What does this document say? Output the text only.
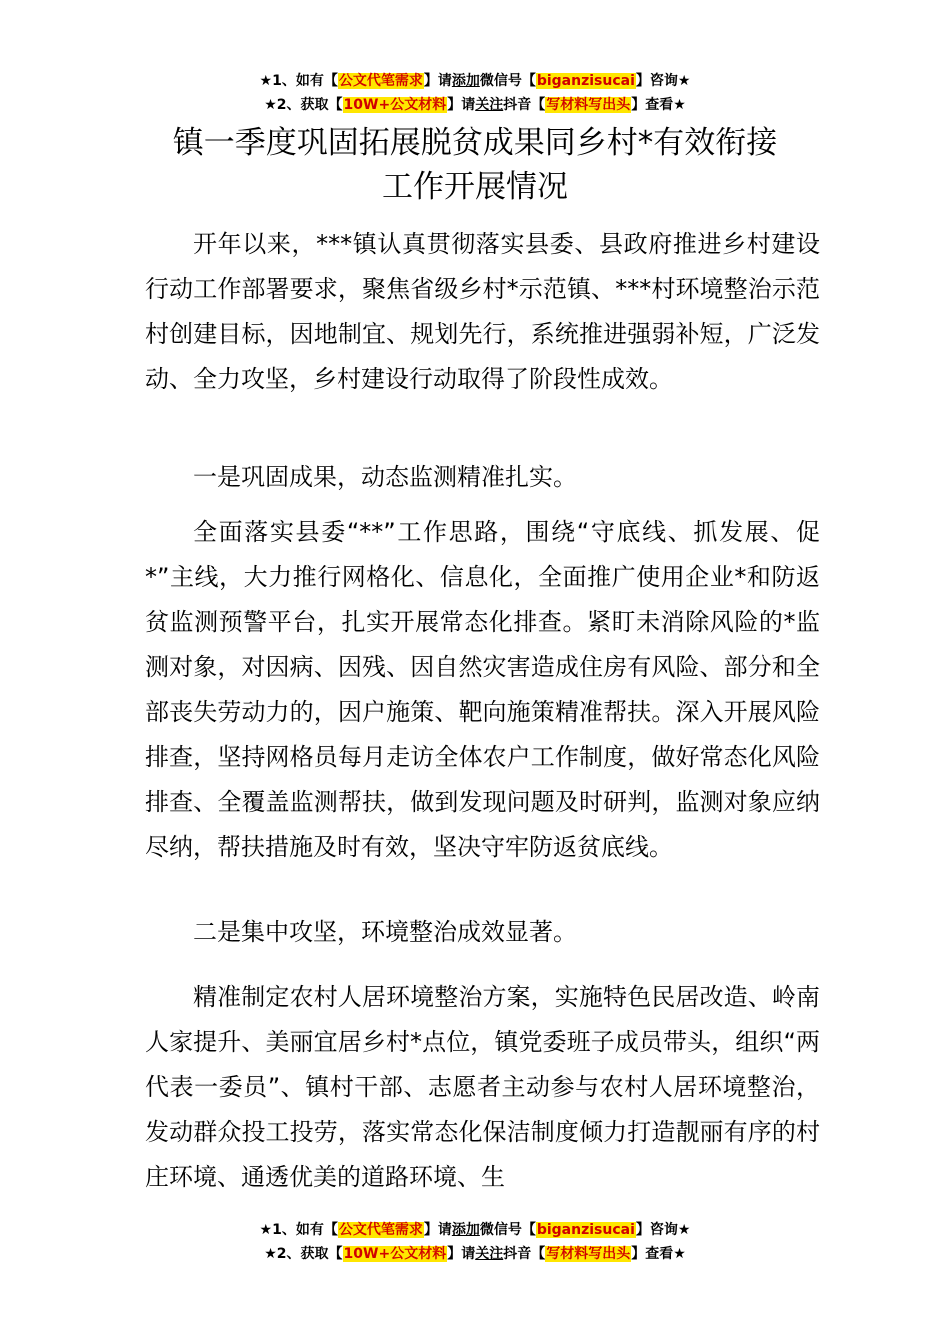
★1、如有【公文代笔需求】请添加微信号【biganzisucai】咨询★
★2、获取【10W+公文材料】请关注抖音【写材料写出头】查看★
镇一季度巩固拓展脱贫成果同乡村*有效衔接
工作开展情况

开年以来，***镇认真贯彻落实县委、县政府推进乡村建设行动工作部署要求，聚焦省级乡村*示范镇、***村环境整治示范村创建目标，因地制宜、规划先行，系统推进强弱补短，广泛发动、全力攻坚，乡村建设行动取得了阶段性成效。

一是巩固成果，动态监测精准扎实。

全面落实县委“**”工作思路，围绕“守底线、抓发展、促*”主线，大力推行网格化、信息化，全面推广使用企业*和防返贫监测预警平台，扎实开展常态化排查。紧盯未消除风险的*监测对象，对因病、因残、因自然灾害造成住房有风险、部分和全部丧失劳动力的，因户施策、靶向施策精准帮扶。深入开展风险排查，坚持网格员每月走访全体农户工作制度，做好常态化风险排查、全覆盖监测帮扶，做到发现问题及时研判，监测对象应纳尽纳，帮扶措施及时有效，坚决守牢防返贫底线。

二是集中攻坚，环境整治成效显著。

精准制定农村人居环境整治方案，实施特色民居改造、岭南人家提升、美丽宜居乡村*点位，镇党委班子成员带头，组织“两代表一委员”、镇村干部、志愿者主动参与农村人居环境整治，发动群众投工投劳，落实常态化保洁制度倾力打造靓丽有序的村庄环境、通透优美的道路环境、生

★1、如有【公文代笔需求】请添加微信号【biganzisucai】咨询★
★2、获取【10W+公文材料】请关注抖音【写材料写出头】查看★
